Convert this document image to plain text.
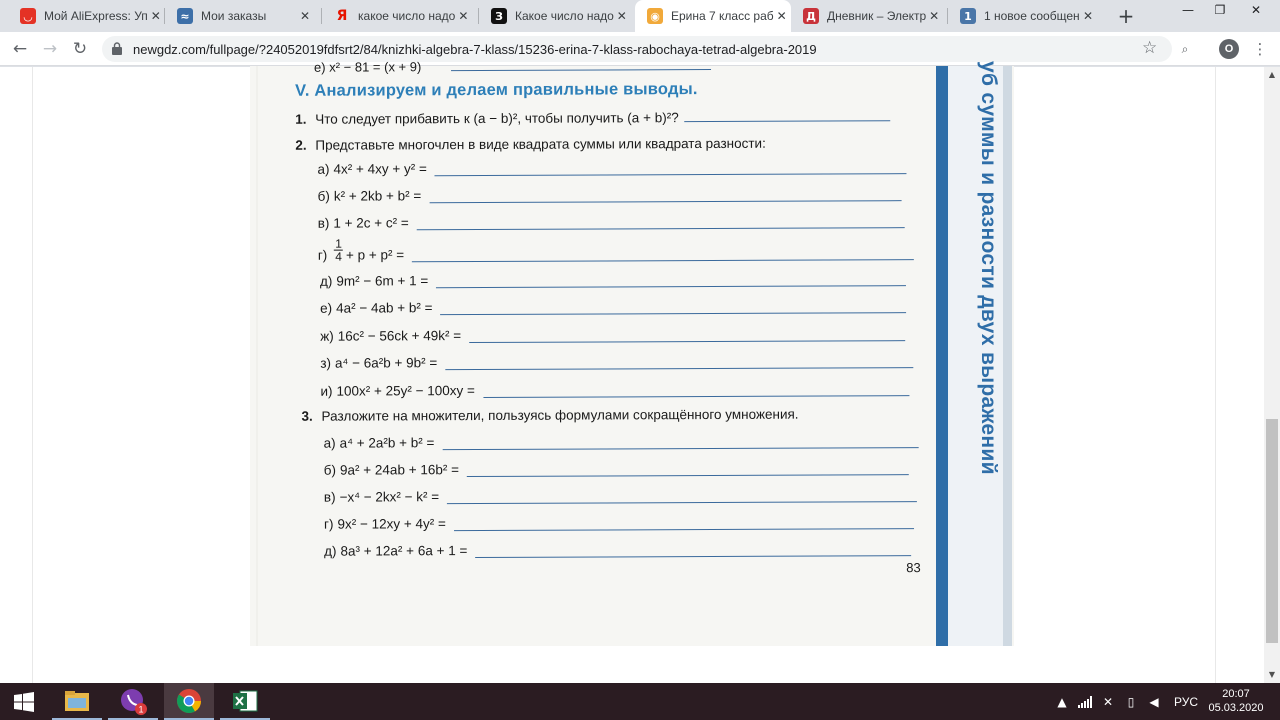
◡ Мой AliExpress: Уп ✕	≈ Мои заказы	✕ Я какое число надо ✕	З	Какое число надо ✕ ◉ Ерина 7 класс раб ✕ Д Дневник – Электр ✕	1	1 новое сообщен ✕ +	—	❐	✕
← → ↻	newgdz.com/fullpage/?24052019fdfsrt2/84/knizhki-algebra-7-klass/15236-erina-7-klass-rabochaya-tetrad-algebra-2019	☆	⌕	O	⋮
е) x² − 81 = (x + 9)
V. Анализируем и делаем правильные выводы.
1. Что следует прибавить к (a − b)², чтобы получить (a + b)²?
2. Представьте многочлен в виде квадрата суммы или квадрата разности:
а) 4x² + 4xy + y² =
б) k² + 2kb + b² =
в) 1 + 2c + c² =
$г) \frac{1}{4} + p + p^2$ =
д) 9m² − 6m + 1 =
е) 4a² − 4ab + b² =
ж) 16c² − 56ck + 49k² =
з) a⁴ − 6a²b + 9b² =
и) 100x² + 25y² − 100xy =
3. Разложите на множители, пользуясь формулами сокращённого умножения.
а) a⁴ + 2a²b + b² =
б) 9a² + 24ab + 16b² =
в) −x⁴ − 2kx² − k² =
г) 9x² − 12xy + 4y² =
д) 8a³ + 12a² + 6a + 1 =
83
уб суммы и разности двух выражений	▲
▼
1
▲	✕	▯	◀	РУС
20:07
05.03.2020
